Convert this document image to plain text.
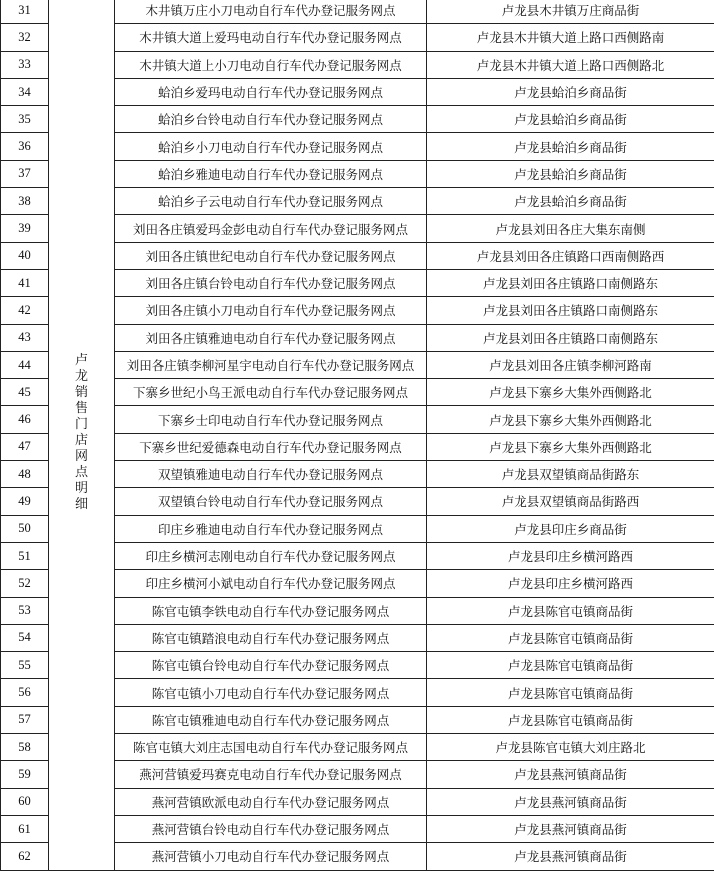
31	卢龙销售门店网点明细	木井镇万庄小刀电动自行车代办登记服务网点	卢龙县木井镇万庄商品街
32		木井镇大道上爱玛电动自行车代办登记服务网点	卢龙县木井镇大道上路口西侧路南
33		木井镇大道上小刀电动自行车代办登记服务网点	卢龙县木井镇大道上路口西侧路北
34		蛤泊乡爱玛电动自行车代办登记服务网点	卢龙县蛤泊乡商品街
35		蛤泊乡台铃电动自行车代办登记服务网点	卢龙县蛤泊乡商品街
36		蛤泊乡小刀电动自行车代办登记服务网点	卢龙县蛤泊乡商品街
37		蛤泊乡雅迪电动自行车代办登记服务网点	卢龙县蛤泊乡商品街
38		蛤泊乡子云电动自行车代办登记服务网点	卢龙县蛤泊乡商品街
39		刘田各庄镇爱玛金彭电动自行车代办登记服务网点	卢龙县刘田各庄大集东南侧
40		刘田各庄镇世纪电动自行车代办登记服务网点	卢龙县刘田各庄镇路口西南侧路西
41		刘田各庄镇台铃电动自行车代办登记服务网点	卢龙县刘田各庄镇路口南侧路东
42		刘田各庄镇小刀电动自行车代办登记服务网点	卢龙县刘田各庄镇路口南侧路东
43		刘田各庄镇雅迪电动自行车代办登记服务网点	卢龙县刘田各庄镇路口南侧路东
44		刘田各庄镇李柳河星宇电动自行车代办登记服务网点	卢龙县刘田各庄镇李柳河路南
45		下寨乡世纪小鸟王派电动自行车代办登记服务网点	卢龙县下寨乡大集外西侧路北
46		下寨乡士印电动自行车代办登记服务网点	卢龙县下寨乡大集外西侧路北
47		下寨乡世纪爱德森电动自行车代办登记服务网点	卢龙县下寨乡大集外西侧路北
48		双望镇雅迪电动自行车代办登记服务网点	卢龙县双望镇商品街路东
49		双望镇台铃电动自行车代办登记服务网点	卢龙县双望镇商品街路西
50		印庄乡雅迪电动自行车代办登记服务网点	卢龙县印庄乡商品街
51		印庄乡横河志刚电动自行车代办登记服务网点	卢龙县印庄乡横河路西
52		印庄乡横河小斌电动自行车代办登记服务网点	卢龙县印庄乡横河路西
53		陈官屯镇李铁电动自行车代办登记服务网点	卢龙县陈官屯镇商品街
54		陈官屯镇踏浪电动自行车代办登记服务网点	卢龙县陈官屯镇商品街
55		陈官屯镇台铃电动自行车代办登记服务网点	卢龙县陈官屯镇商品街
56		陈官屯镇小刀电动自行车代办登记服务网点	卢龙县陈官屯镇商品街
57		陈官屯镇雅迪电动自行车代办登记服务网点	卢龙县陈官屯镇商品街
58		陈官屯镇大刘庄志国电动自行车代办登记服务网点	卢龙县陈官屯镇大刘庄路北
59		燕河营镇爱玛赛克电动自行车代办登记服务网点	卢龙县燕河镇商品街
60		燕河营镇欧派电动自行车代办登记服务网点	卢龙县燕河镇商品街
61		燕河营镇台铃电动自行车代办登记服务网点	卢龙县燕河镇商品街
62		燕河营镇小刀电动自行车代办登记服务网点	卢龙县燕河镇商品街
